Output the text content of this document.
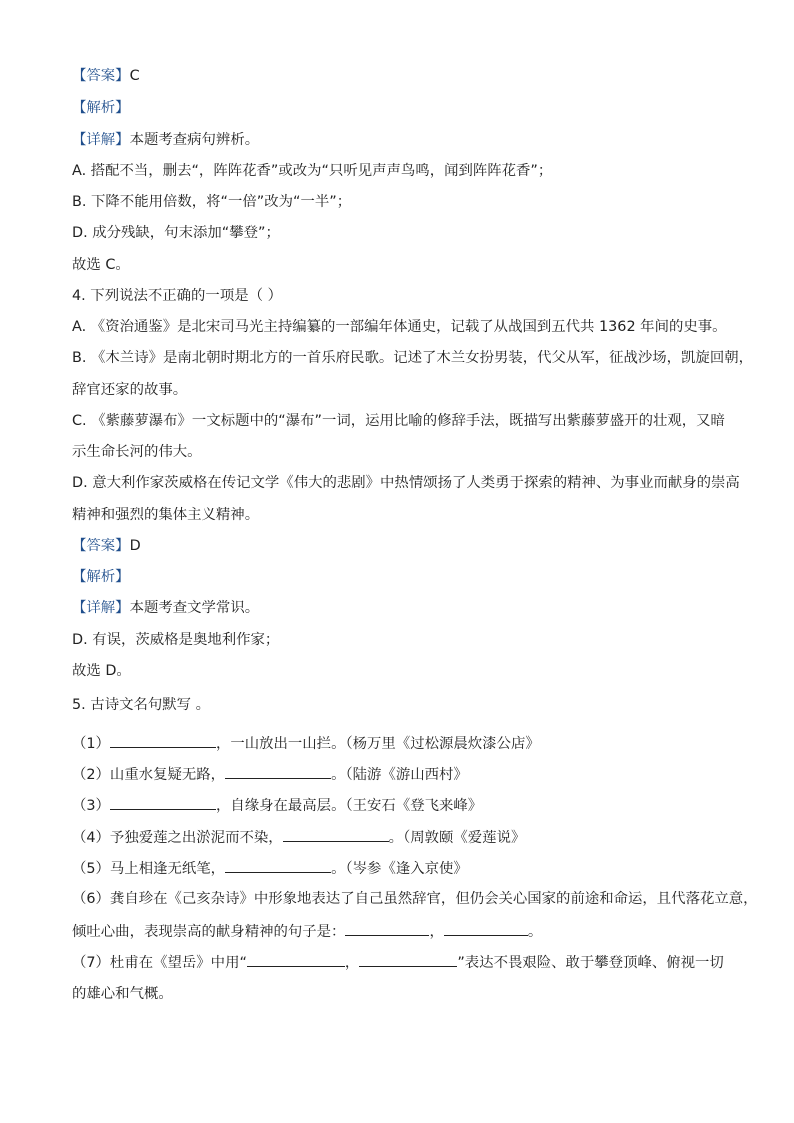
【答案】C
【解析】
【详解】本题考查病句辨析。
A. 搭配不当，删去“，阵阵花香”或改为“只听见声声鸟鸣，闻到阵阵花香”；
B. 下降不能用倍数，将“一倍”改为“一半”；
D. 成分残缺，句末添加“攀登”；
故选 C。
4. 下列说法不正确的一项是（ ）
A. 《资治通鉴》是北宋司马光主持编纂的一部编年体通史，记载了从战国到五代共 1362 年间的史事。
B. 《木兰诗》是南北朝时期北方的一首乐府民歌。记述了木兰女扮男装，代父从军，征战沙场，凯旋回朝，
辞官还家的故事。
C. 《紫藤萝瀑布》一文标题中的“瀑布”一词，运用比喻的修辞手法，既描写出紫藤萝盛开的壮观，又暗
示生命长河的伟大。
D. 意大利作家茨威格在传记文学《伟大的悲剧》中热情颂扬了人类勇于探索的精神、为事业而献身的崇高
精神和强烈的集体主义精神。
【答案】D
【解析】
【详解】本题考查文学常识。
D. 有误，茨威格是奥地利作家；
故选 D。
5. 古诗文名句默写 。
（1）	，一山放出一山拦。（杨万里《过松源晨炊漆公店》
（2）山重水复疑无路，	。（陆游《游山西村》
（3）	，自缘身在最高层。（王安石《登飞来峰》
（4）予独爱莲之出淤泥而不染，	。（周敦颐《爱莲说》
（5）马上相逢无纸笔，	。（岑参《逢入京使》
（6）龚自珍在《己亥杂诗》中形象地表达了自己虽然辞官，但仍会关心国家的前途和命运，且代落花立意，
倾吐心曲，表现崇高的献身精神的句子是：	，	。
（7）杜甫在《望岳》中用“	，	”表达不畏艰险、敢于攀登顶峰、俯视一切
的雄心和气概。
